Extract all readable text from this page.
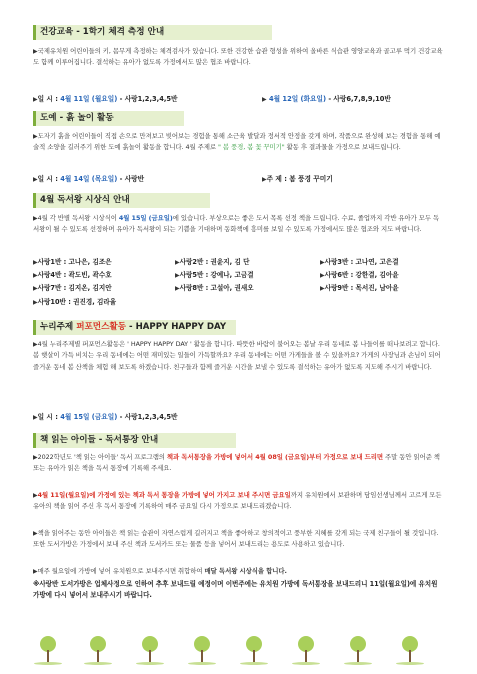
건강교육 - 1학기 체격 측정 안내
▶국제유치원 어린이들의 키, 몸무게 측정하는 체격검사가 있습니다. 또한 건강한 습관 형성을 위하여 올바른 식습관 영양교육과 골고루 먹기 건강교육도 함께 이루어집니다. 결석하는 유아가 없도록 가정에서도 많은 협조 바랍니다.
▶일 시 : 4월 11일 (월요일) - 사랑1,2,3,4,5반	▶ 4월 12일 (화요일) - 사랑6,7,8,9,10반
도예 - 흙 놀이 활동
▶도자기 흙을 어린이들이 직접 손으로 만져보고 빚어보는 경험을 통해 소근육 발달과 정서적 안정을 갖게 하며, 작품으로 완성해 보는 경험을 통해 예술적 소양을 길러주기 위한 도예 흙놀이 활동을 합니다. 4월 주제로 " 봄 풍경, 봄 꽃 꾸미기" 활동 후 결과물을 가정으로 보내드립니다.
▶일 시 : 4월 14일 (목요일) - 사랑반	▶주 제 : 봄 풍경 꾸미기
4월 독서왕 시상식 안내
▶4월 각 반별 독서왕 시상식이 4월 15일 (금요일)에 있습니다. 부상으로는 좋은 도서 목록 선정 책을 드립니다. 수료, 졸업까지 각반 유아가 모두 독서왕이 될 수 있도록 선정하며 유아가 독서왕이 되는 기쁨을 기대하며 동화책에 흥미를 보일 수 있도록 가정에서도 많은 협조와 지도 바랍니다.
▶사랑1반 : 고나은, 김조은	▶사랑2반 : 권윤지, 김 단	▶사랑3반 : 고나연, 고은결
▶사랑4반 : 곽도빈, 곽수호	▶사랑5반 : 강예나, 고금결	▶사랑6반 : 강한결, 김아윤
▶사랑7반 : 김지온, 김지안	▶사랑8반 : 고설아, 권새오	▶사랑9반 : 목서진, 남아윤
▶사랑10반 : 권진경, 김라율
누리주제 퍼포먼스활동 - HAPPY HAPPY DAY
▶4월 누리주제별 퍼포먼스활동은 ' HAPPY HAPPY DAY ' 활동을 합니다. 따뜻한 바람이 불어오는 봄날 우리 동네로 봄 나들이를 떠나보려고 합니다. 봄 햇살이 가득 비치는 우리 동네에는 어떤 재미있는 일들이 가득할까요? 우리 동네에는 어떤 가게들을 볼 수 있을까요? 가게의 사장님과 손님이 되어 즐거운 동네 봄 산책을 체험 해 보도록 하겠습니다. 친구들과 함께 즐거운 시간을 보낼 수 있도록 결석하는 유아가 없도록 지도해 주시기 바랍니다.
▶일 시 : 4월 15일 (금요일) - 사랑1,2,3,4,5반
책 읽는 아이들 - 독서통장 안내
▶2022학년도 '책 읽는 아이들' 독서 프로그램의 책과 독서통장을 가방에 넣어서 4월 08일 (금요일)부터 가정으로 보내 드리면 주말 동안 읽어준 책 또는 유아가 읽은 책을 독서 통장에 기록해 주세요.
▶4월 11일(월요일)에 가정에 있는 책과 독서 통장을 가방에 넣어 가지고 보내 주시면 금요일까지 유치원에서 보관하며 담임선생님께서 고르게 모든 유아의 책을 읽어 주신 후 독서 통장에 기록하여 매주 금요일 다시 가정으로 보내드리겠습니다.
▶책을 읽어주는 동안 아이들은 책 읽는 습관이 자연스럽게 길러지고 책을 좋아하고 창의적이고 풍부한 지혜를 갖게 되는 국제 친구들이 될 것입니다. 또한 도서가방은 가정에서 보내 주신 책과 도서카드 또는 물품 등을 넣어서 보내드리는 용도로 사용하고 있습니다.
▶매주 월요일에 가방에 넣어 유치원으로 보내주시면 취합하여 매달 독서왕 시상식을 합니다.
※사랑반 도서가방은 업체사정으로 인하여 추후 보내드릴 예정이며 이번주에는 유치원 가방에 독서통장을 보내드리니 11일(월요일)에 유치원 가방에 다시 넣어서 보내주시기 바랍니다.
